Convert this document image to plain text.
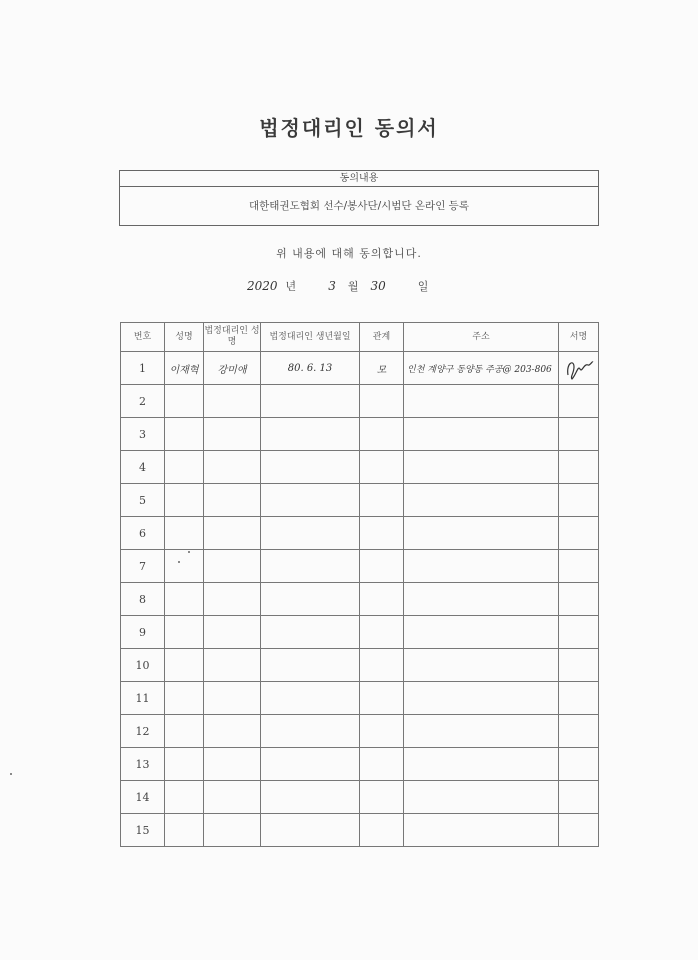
법정대리인 동의서
동의내용
대한태권도협회 선수/봉사단/시범단 온라인 등록
위 내용에 대해 동의합니다.
2020 년	3 월 30	일
번호	성명	법정대리인 성명	법정대리인 생년월일	관계	주소	서명
1	이재혁	강미애	80. 6. 13	모	인천 계양구 동양동 주공@ 203-806	

2						
3						
4						
5						
6						
7						
8						
9						
10						
11						
12						
13						
14						
15						
